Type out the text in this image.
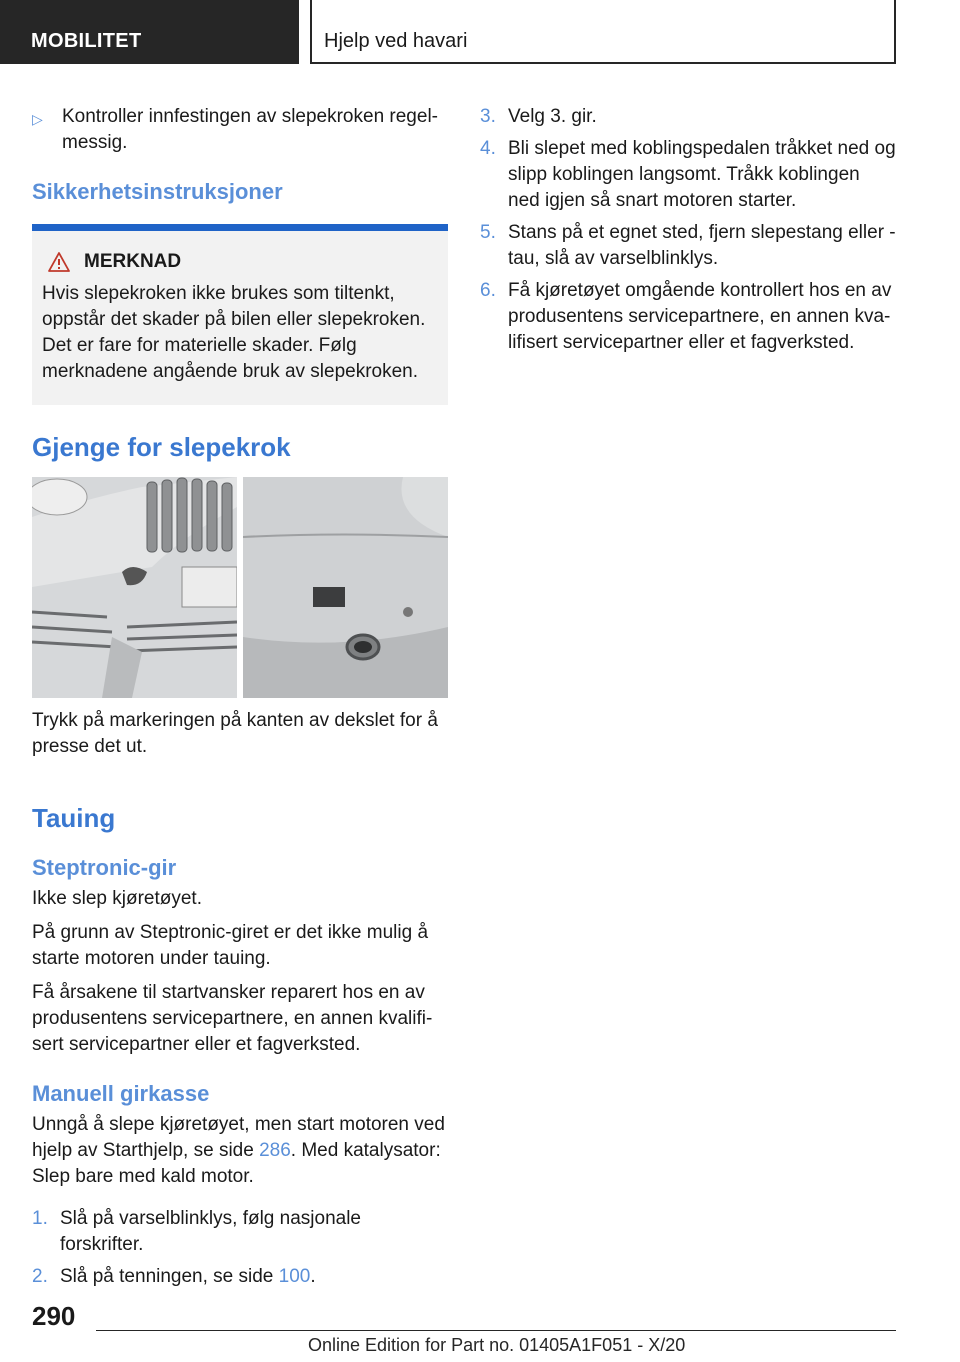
MOBILITET	Hjelp ved havari
▷	Kontroller innfestingen av slepekroken regelmessig.
Sikkerhetsinstruksjoner
MERKNAD
Hvis slepekroken ikke brukes som tiltenkt, oppstår det skader på bilen eller slepekroken. Det er fare for materielle skader. Følg merknadene angående bruk av slepekroken.
Gjenge for slepekrok
Trykk på markeringen på kanten av dekslet for å presse det ut.
Tauing
Steptronic-gir
Ikke slep kjøretøyet.
På grunn av Steptronic-giret er det ikke mulig å starte motoren under tauing.
Få årsakene til startvansker reparert hos en av produsentens servicepartnere, en annen kvalifisert servicepartner eller et fagverksted.
Manuell girkasse
Unngå å slepe kjøretøyet, men start motoren ved hjelp av Starthjelp, se side 286. Med katalysator: Slep bare med kald motor.
1. Slå på varselblinklys, følg nasjonale forskrifter.
2. Slå på tenningen, se side 100.
3. Velg 3. gir.
4. Bli slepet med koblingspedalen tråkket ned og slipp koblingen langsomt. Tråkk koblingen ned igjen så snart motoren starter.
5. Stans på et egnet sted, fjern slepestang eller -tau, slå av varselblinklys.
6. Få kjøretøyet omgående kontrollert hos en av produsentens servicepartnere, en annen kvalifisert servicepartner eller et fagverksted.
290
Online Edition for Part no. 01405A1F051 - X/20
